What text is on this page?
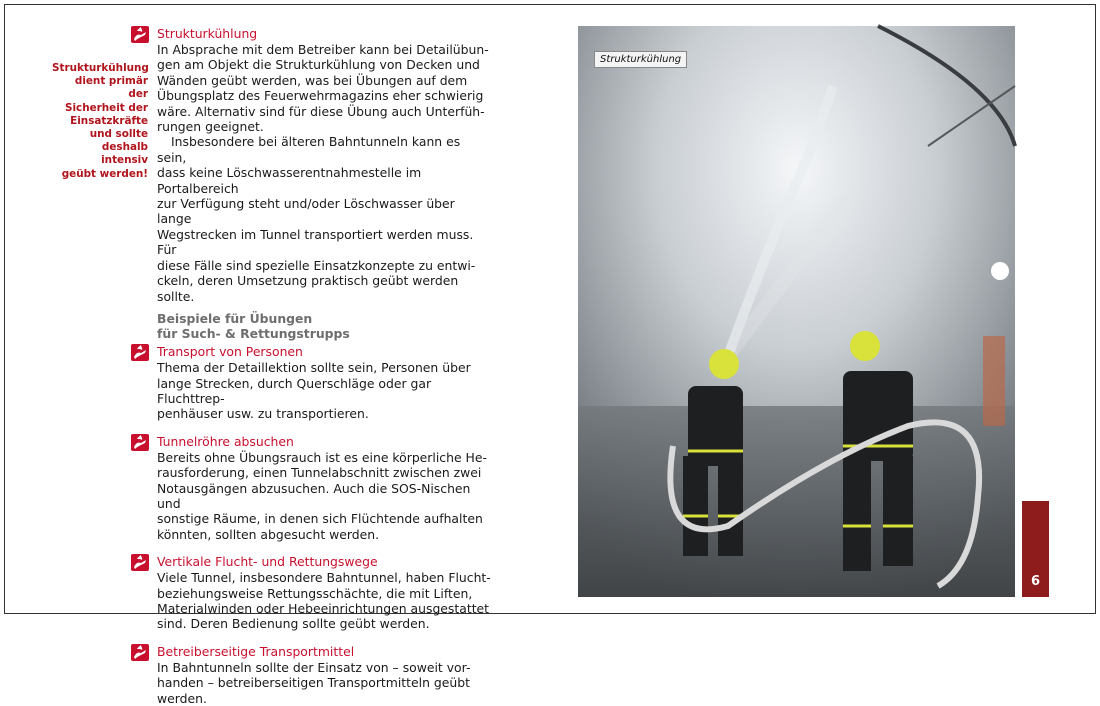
Strukturkühlung
dient primär der
Sicherheit der
Einsatzkräfte
und sollte
deshalb intensiv
geübt werden!
Strukturkühlung
In Absprache mit dem Betreiber kann bei Detailübun-
gen am Objekt die Strukturkühlung von Decken und
Wänden geübt werden, was bei Übungen auf dem
Übungsplatz des Feuerwehrmagazins eher schwierig
wäre. Alternativ sind für diese Übung auch Unterfüh-
rungen geeignet.
Insbesondere bei älteren Bahntunneln kann es sein,
dass keine Löschwasserentnahmestelle im Portalbereich
zur Verfügung steht und/oder Löschwasser über lange
Wegstrecken im Tunnel transportiert werden muss. Für
diese Fälle sind spezielle Einsatzkonzepte zu entwi-
ckeln, deren Umsetzung praktisch geübt werden sollte.
Beispiele für Übungen
für Such- & Rettungstrupps
Transport von Personen
Thema der Detaillektion sollte sein, Personen über
lange Strecken, durch Querschläge oder gar Fluchttrep-
penhäuser usw. zu transportieren.
Tunnelröhre absuchen
Bereits ohne Übungsrauch ist es eine körperliche He-
rausforderung, einen Tunnelabschnitt zwischen zwei
Notausgängen abzusuchen. Auch die SOS-Nischen und
sonstige Räume, in denen sich Flüchtende aufhalten
könnten, sollten abgesucht werden.
Vertikale Flucht- und Rettungswege
Viele Tunnel, insbesondere Bahntunnel, haben Flucht-
beziehungsweise Rettungsschächte, die mit Liften,
Materialwinden oder Hebeeinrichtungen ausgestattet
sind. Deren Bedienung sollte geübt werden.
Betreiberseitige Transportmittel
In Bahntunneln sollte der Einsatz von – soweit vor-
handen – betreiberseitigen Transportmitteln geübt
werden.
Strukturkühlung
6
